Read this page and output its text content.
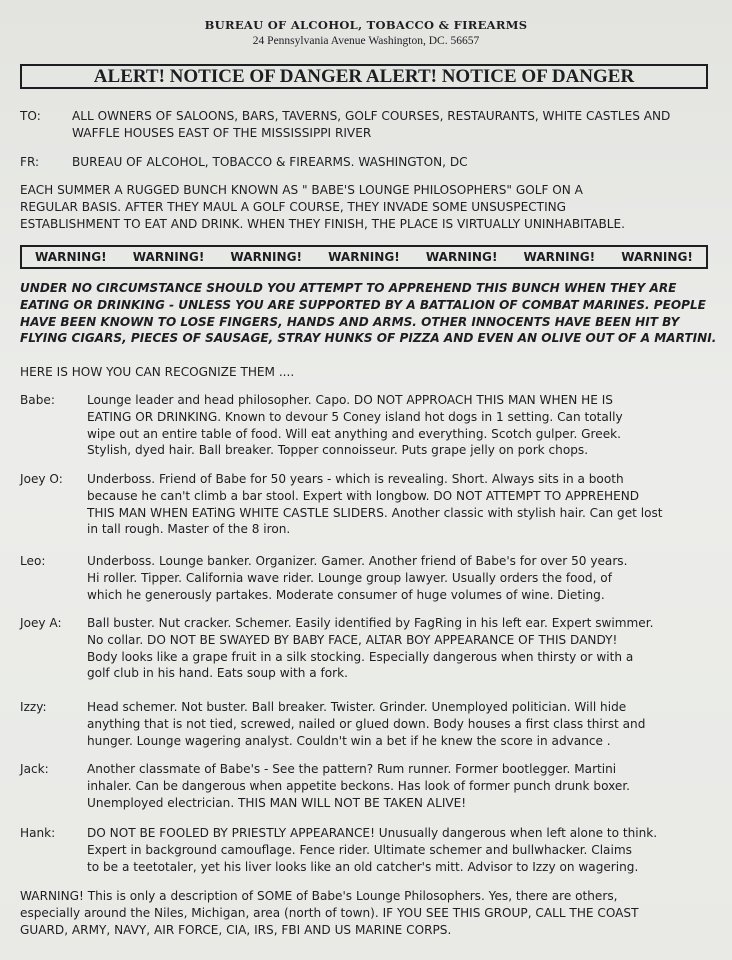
BUREAU OF ALCOHOL, TOBACCO & FIREARMS
24 Pennsylvania Avenue Washington, DC. 56657
ALERT! NOTICE OF DANGER ALERT! NOTICE OF DANGER
TO:	ALL OWNERS OF SALOONS, BARS, TAVERNS, GOLF COURSES, RESTAURANTS, WHITE CASTLES AND
WAFFLE HOUSES EAST OF THE MISSISSIPPI RIVER
FR:	BUREAU OF ALCOHOL, TOBACCO & FIREARMS. WASHINGTON, DC
EACH SUMMER A RUGGED BUNCH KNOWN AS " BABE'S LOUNGE PHILOSOPHERS" GOLF ON A
REGULAR BASIS. AFTER THEY MAUL A GOLF COURSE, THEY INVADE SOME UNSUSPECTING
ESTABLISHMENT TO EAT AND DRINK. WHEN THEY FINISH, THE PLACE IS VIRTUALLY UNINHABITABLE.
WARNING! WARNING! WARNING! WARNING! WARNING! WARNING! WARNING!
UNDER NO CIRCUMSTANCE SHOULD YOU ATTEMPT TO APPREHEND THIS BUNCH WHEN THEY ARE
EATING OR DRINKING - UNLESS YOU ARE SUPPORTED BY A BATTALION OF COMBAT MARINES. PEOPLE
HAVE BEEN KNOWN TO LOSE FINGERS, HANDS AND ARMS. OTHER INNOCENTS HAVE BEEN HIT BY
FLYING CIGARS, PIECES OF SAUSAGE, STRAY HUNKS OF PIZZA AND EVEN AN OLIVE OUT OF A MARTINI.
HERE IS HOW YOU CAN RECOGNIZE THEM ....
Babe:	Lounge leader and head philosopher. Capo. DO NOT APPROACH THIS MAN WHEN HE IS
EATING OR DRINKING. Known to devour 5 Coney island hot dogs in 1 setting. Can totally
wipe out an entire table of food. Will eat anything and everything. Scotch gulper. Greek.
Stylish, dyed hair. Ball breaker. Topper connoisseur. Puts grape jelly on pork chops.
Joey O: Underboss. Friend of Babe for 50 years - which is revealing. Short. Always sits in a booth
because he can't climb a bar stool. Expert with longbow. DO NOT ATTEMPT TO APPREHEND
THIS MAN WHEN EATiNG WHITE CASTLE SLIDERS. Another classic with stylish hair. Can get lost
in tall rough. Master of the 8 iron.
Leo:	Underboss. Lounge banker. Organizer. Gamer. Another friend of Babe's for over 50 years.
Hi roller. Tipper. California wave rider. Lounge group lawyer. Usually orders the food, of
which he generously partakes. Moderate consumer of huge volumes of wine. Dieting.
Joey A: Ball buster. Nut cracker. Schemer. Easily identified by FagRing in his left ear. Expert swimmer.
No collar. DO NOT BE SWAYED BY BABY FACE, ALTAR BOY APPEARANCE OF THIS DANDY!
Body looks like a grape fruit in a silk stocking. Especially dangerous when thirsty or with a
golf club in his hand. Eats soup with a fork.
Izzy:	Head schemer. Not buster. Ball breaker. Twister. Grinder. Unemployed politician. Will hide
anything that is not tied, screwed, nailed or glued down. Body houses a first class thirst and
hunger. Lounge wagering analyst. Couldn't win a bet if he knew the score in advance .
Jack:	Another classmate of Babe's - See the pattern? Rum runner. Former bootlegger. Martini
inhaler. Can be dangerous when appetite beckons. Has look of former punch drunk boxer.
Unemployed electrician. THIS MAN WILL NOT BE TAKEN ALIVE!
Hank:	DO NOT BE FOOLED BY PRIESTLY APPEARANCE! Unusually dangerous when left alone to think.
Expert in background camouflage. Fence rider. Ultimate schemer and bullwhacker. Claims
to be a teetotaler, yet his liver looks like an old catcher's mitt. Advisor to Izzy on wagering.
WARNING! This is only a description of SOME of Babe's Lounge Philosophers. Yes, there are others,
especially around the Niles, Michigan, area (north of town). IF YOU SEE THIS GROUP, CALL THE COAST
GUARD, ARMY, NAVY, AIR FORCE, CIA, IRS, FBI AND US MARINE CORPS.
